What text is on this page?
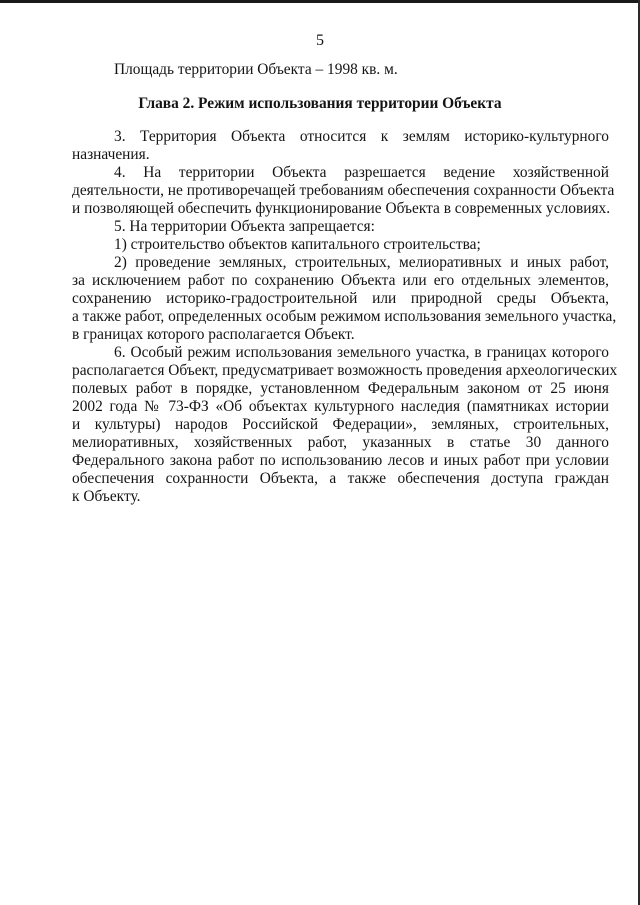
5
Площадь территории Объекта – 1998 кв. м.
Глава 2. Режим использования территории Объекта
3. Территория Объекта относится к землям историко-культурного
назначения.
4. На территории Объекта разрешается ведение хозяйственной
деятельности, не противоречащей требованиям обеспечения сохранности Объекта
и позволяющей обеспечить функционирование Объекта в современных условиях.
5. На территории Объекта запрещается:
1) строительство объектов капитального строительства;
2) проведение земляных, строительных, мелиоративных и иных работ,
за исключением работ по сохранению Объекта или его отдельных элементов,
сохранению историко-градостроительной или природной среды Объекта,
а также работ, определенных особым режимом использования земельного участка,
в границах которого располагается Объект.
6. Особый режим использования земельного участка, в границах которого
располагается Объект, предусматривает возможность проведения археологических
полевых работ в порядке, установленном Федеральным законом от 25 июня
2002 года № 73-ФЗ «Об объектах культурного наследия (памятниках истории
и культуры) народов Российской Федерации», земляных, строительных,
мелиоративных, хозяйственных работ, указанных в статье 30 данного
Федерального закона работ по использованию лесов и иных работ при условии
обеспечения сохранности Объекта, а также обеспечения доступа граждан
к Объекту.
